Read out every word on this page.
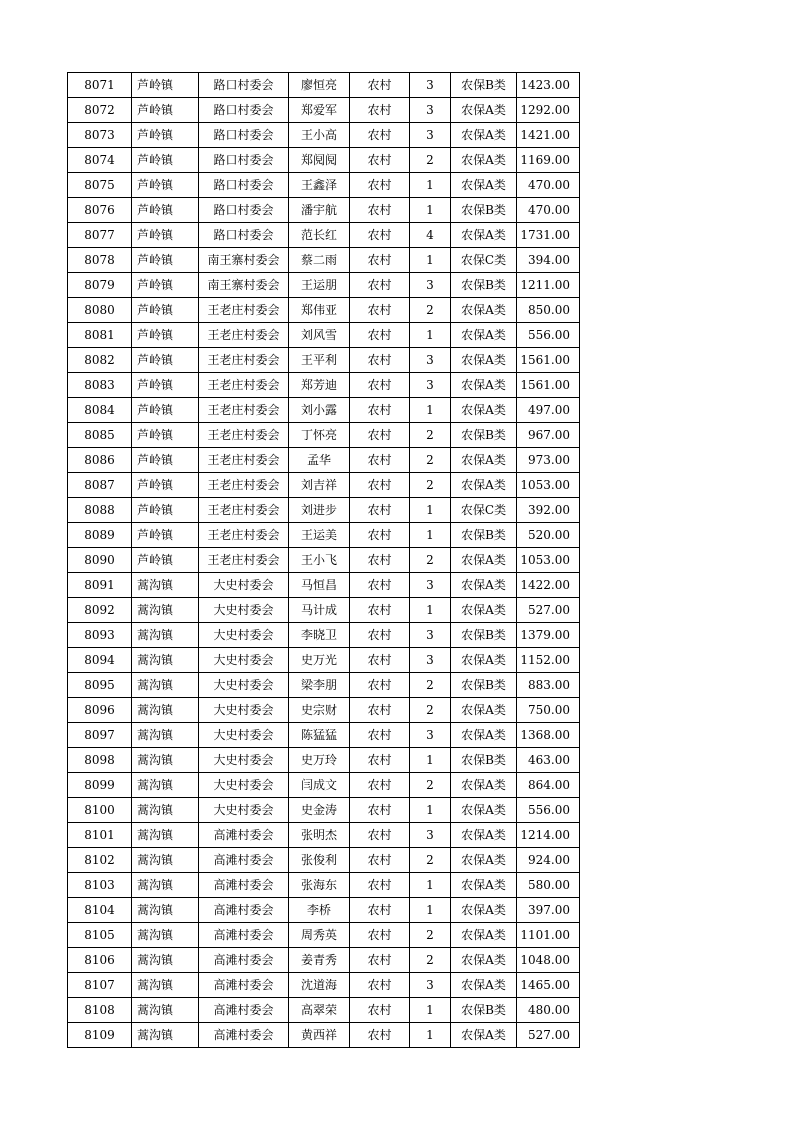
8071	芦岭镇	路口村委会	廖恒亮	农村	3	农保B类	1423.00
8072	芦岭镇	路口村委会	郑爱军	农村	3	农保A类	1292.00
8073	芦岭镇	路口村委会	王小高	农村	3	农保A类	1421.00
8074	芦岭镇	路口村委会	郑阋阋	农村	2	农保A类	1169.00
8075	芦岭镇	路口村委会	王鑫泽	农村	1	农保A类	470.00
8076	芦岭镇	路口村委会	潘宇航	农村	1	农保B类	470.00
8077	芦岭镇	路口村委会	范长红	农村	4	农保A类	1731.00
8078	芦岭镇	南王寨村委会	蔡二雨	农村	1	农保C类	394.00
8079	芦岭镇	南王寨村委会	王运朋	农村	3	农保B类	1211.00
8080	芦岭镇	王老庄村委会	郑伟亚	农村	2	农保A类	850.00
8081	芦岭镇	王老庄村委会	刘风雪	农村	1	农保A类	556.00
8082	芦岭镇	王老庄村委会	王平利	农村	3	农保A类	1561.00
8083	芦岭镇	王老庄村委会	郑芳迪	农村	3	农保A类	1561.00
8084	芦岭镇	王老庄村委会	刘小露	农村	1	农保A类	497.00
8085	芦岭镇	王老庄村委会	丁怀亮	农村	2	农保B类	967.00
8086	芦岭镇	王老庄村委会	孟华	农村	2	农保A类	973.00
8087	芦岭镇	王老庄村委会	刘吉祥	农村	2	农保A类	1053.00
8088	芦岭镇	王老庄村委会	刘进步	农村	1	农保C类	392.00
8089	芦岭镇	王老庄村委会	王运美	农村	1	农保B类	520.00
8090	芦岭镇	王老庄村委会	王小飞	农村	2	农保A类	1053.00
8091	蒿沟镇	大史村委会	马恒昌	农村	3	农保A类	1422.00
8092	蒿沟镇	大史村委会	马计成	农村	1	农保A类	527.00
8093	蒿沟镇	大史村委会	李晓卫	农村	3	农保B类	1379.00
8094	蒿沟镇	大史村委会	史万光	农村	3	农保A类	1152.00
8095	蒿沟镇	大史村委会	梁李朋	农村	2	农保B类	883.00
8096	蒿沟镇	大史村委会	史宗财	农村	2	农保A类	750.00
8097	蒿沟镇	大史村委会	陈猛猛	农村	3	农保A类	1368.00
8098	蒿沟镇	大史村委会	史万玲	农村	1	农保B类	463.00
8099	蒿沟镇	大史村委会	闫成文	农村	2	农保A类	864.00
8100	蒿沟镇	大史村委会	史金涛	农村	1	农保A类	556.00
8101	蒿沟镇	高滩村委会	张明杰	农村	3	农保A类	1214.00
8102	蒿沟镇	高滩村委会	张俊利	农村	2	农保A类	924.00
8103	蒿沟镇	高滩村委会	张海东	农村	1	农保A类	580.00
8104	蒿沟镇	高滩村委会	李桥	农村	1	农保A类	397.00
8105	蒿沟镇	高滩村委会	周秀英	农村	2	农保A类	1101.00
8106	蒿沟镇	高滩村委会	姜青秀	农村	2	农保A类	1048.00
8107	蒿沟镇	高滩村委会	沈道海	农村	3	农保A类	1465.00
8108	蒿沟镇	高滩村委会	高翠荣	农村	1	农保B类	480.00
8109	蒿沟镇	高滩村委会	黄西祥	农村	1	农保A类	527.00
